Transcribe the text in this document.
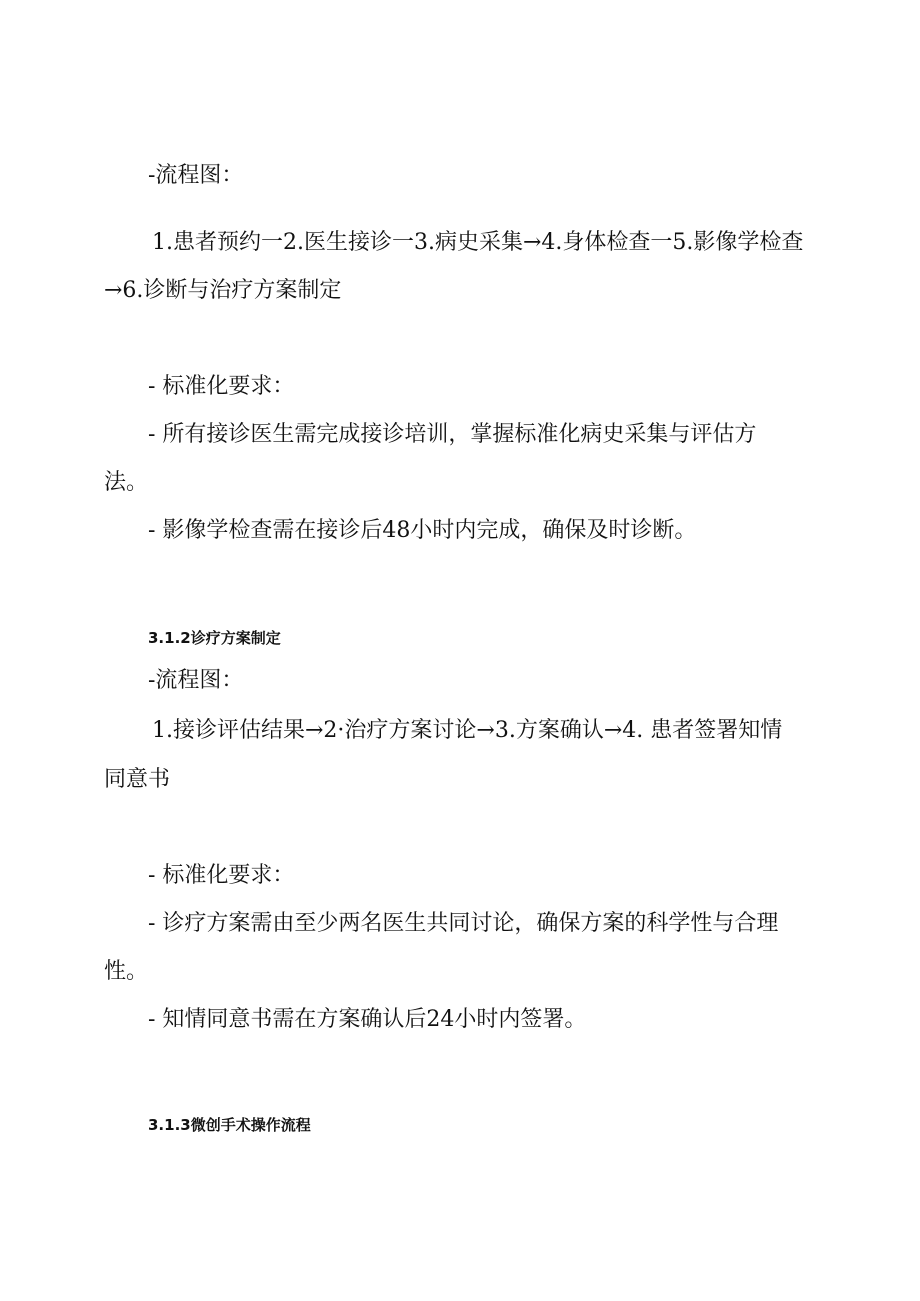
-流程图：
1.患者预约一2.医生接诊一3.病史采集→4.身体检查一5.影像学检查
→6.诊断与治疗方案制定
- 标准化要求：
- 所有接诊医生需完成接诊培训，掌握标准化病史采集与评估方
法。
- 影像学检查需在接诊后48小时内完成，确保及时诊断。
3.1.2诊疗方案制定
-流程图：
1.接诊评估结果→2·治疗方案讨论→3.方案确认→4. 患者签署知情
同意书
- 标准化要求：
- 诊疗方案需由至少两名医生共同讨论，确保方案的科学性与合理
性。
- 知情同意书需在方案确认后24小时内签署。
3.1.3微创手术操作流程
